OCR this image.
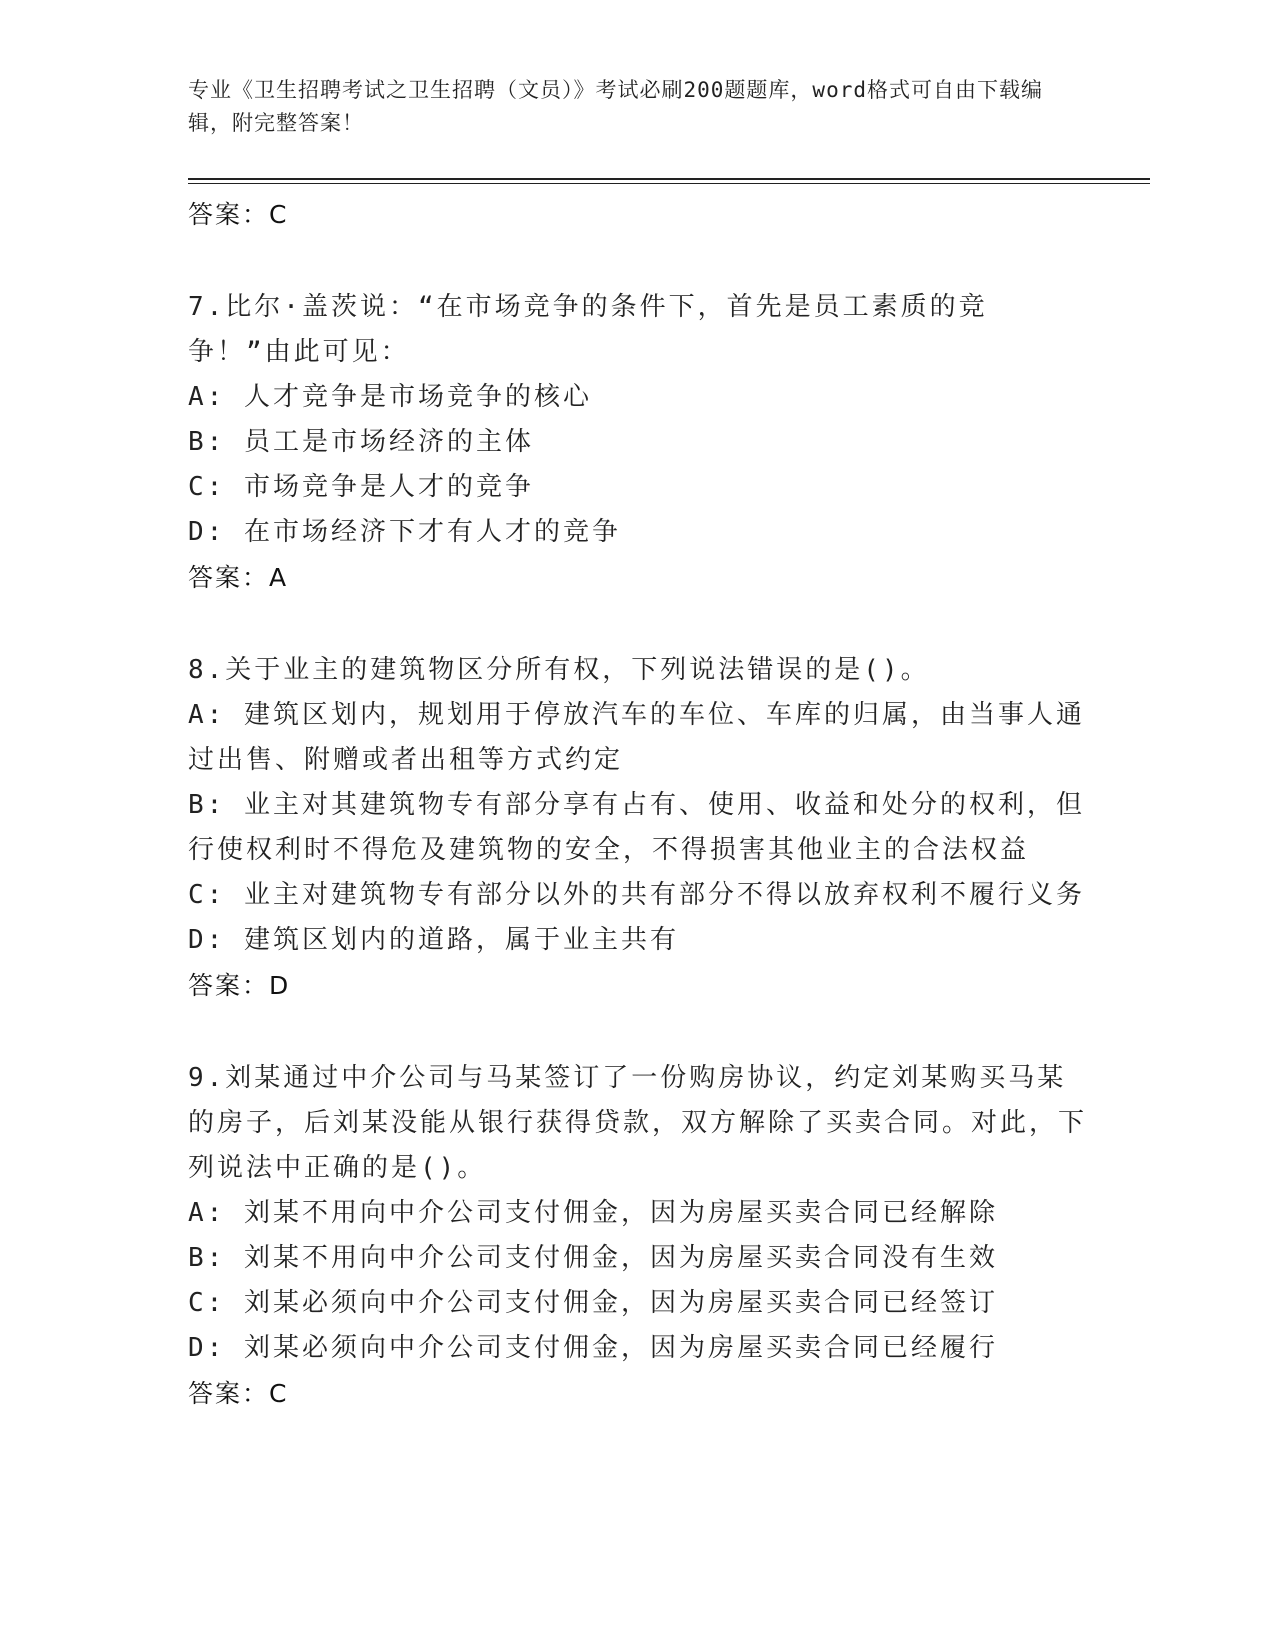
专业《卫生招聘考试之卫生招聘（文员）》考试必刷200题题库，word格式可自由下载编辑，附完整答案！
答案：C
7.比尔·盖茨说：“在市场竞争的条件下，首先是员工素质的竞争！”由此可见：
A: 人才竞争是市场竞争的核心
B: 员工是市场经济的主体
C: 市场竞争是人才的竞争
D: 在市场经济下才有人才的竞争
答案：A
8.关于业主的建筑物区分所有权，下列说法错误的是()。
A: 建筑区划内，规划用于停放汽车的车位、车库的归属，由当事人通过出售、附赠或者出租等方式约定
B: 业主对其建筑物专有部分享有占有、使用、收益和处分的权利，但行使权利时不得危及建筑物的安全，不得损害其他业主的合法权益
C: 业主对建筑物专有部分以外的共有部分不得以放弃权利不履行义务
D: 建筑区划内的道路，属于业主共有
答案：D
9.刘某通过中介公司与马某签订了一份购房协议，约定刘某购买马某的房子，后刘某没能从银行获得贷款，双方解除了买卖合同。对此，下列说法中正确的是()。
A: 刘某不用向中介公司支付佣金，因为房屋买卖合同已经解除
B: 刘某不用向中介公司支付佣金，因为房屋买卖合同没有生效
C: 刘某必须向中介公司支付佣金，因为房屋买卖合同已经签订
D: 刘某必须向中介公司支付佣金，因为房屋买卖合同已经履行
答案：C
